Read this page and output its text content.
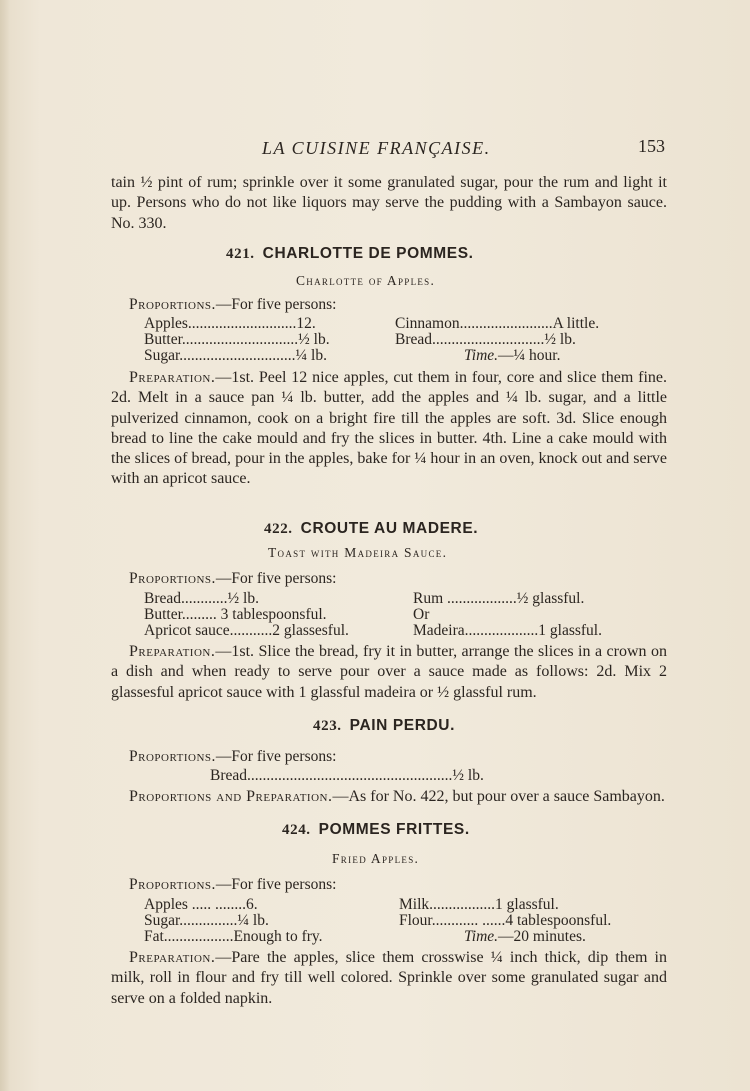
LA CUISINE FRANÇAISE.	153
tain ½ pint of rum; sprinkle over it some granulated sugar, pour the rum and light it up. Persons who do not like liquors may serve the pudding with a Sambayon sauce. No. 330.
421. CHARLOTTE DE POMMES.
Charlotte of Apples.
Proportions.—For five persons:
Apples............................12.
Butter..............................½ lb.
Sugar..............................¼ lb.
Cinnamon........................A little.
Bread.............................½ lb.
Time.—¼ hour.
Preparation.—1st. Peel 12 nice apples, cut them in four, core and slice them fine. 2d. Melt in a sauce pan ¼ lb. butter, add the apples and ¼ lb. sugar, and a little pulverized cinnamon, cook on a bright fire till the apples are soft. 3d. Slice enough bread to line the cake mould and fry the slices in butter. 4th. Line a cake mould with the slices of bread, pour in the apples, bake for ¼ hour in an oven, knock out and serve with an apricot sauce.
422. CROUTE AU MADERE.
Toast with Madeira Sauce.
Proportions.—For five persons:
Bread............½ lb.
Butter......... 3 tablespoonsful.
Apricot sauce...........2 glassesful.
Rum ..................½ glassful.
Or
Madeira...................1 glassful.
Preparation.—1st. Slice the bread, fry it in butter, arrange the slices in a crown on a dish and when ready to serve pour over a sauce made as follows: 2d. Mix 2 glassesful apricot sauce with 1 glassful madeira or ½ glassful rum.
423. PAIN PERDU.
Proportions.—For five persons:
Bread.....................................................½ lb.
Proportions and Preparation.—As for No. 422, but pour over a sauce Sambayon.
424. POMMES FRITTES.
Fried Apples.
Proportions.—For five persons:
Apples ..... ........6.
Sugar...............¼ lb.
Fat..................Enough to fry.
Milk.................1 glassful.
Flour............ ......4 tablespoonsful.
Time.—20 minutes.
Preparation.—Pare the apples, slice them crosswise ¼ inch thick, dip them in milk, roll in flour and fry till well colored. Sprinkle over some granulated sugar and serve on a folded napkin.
